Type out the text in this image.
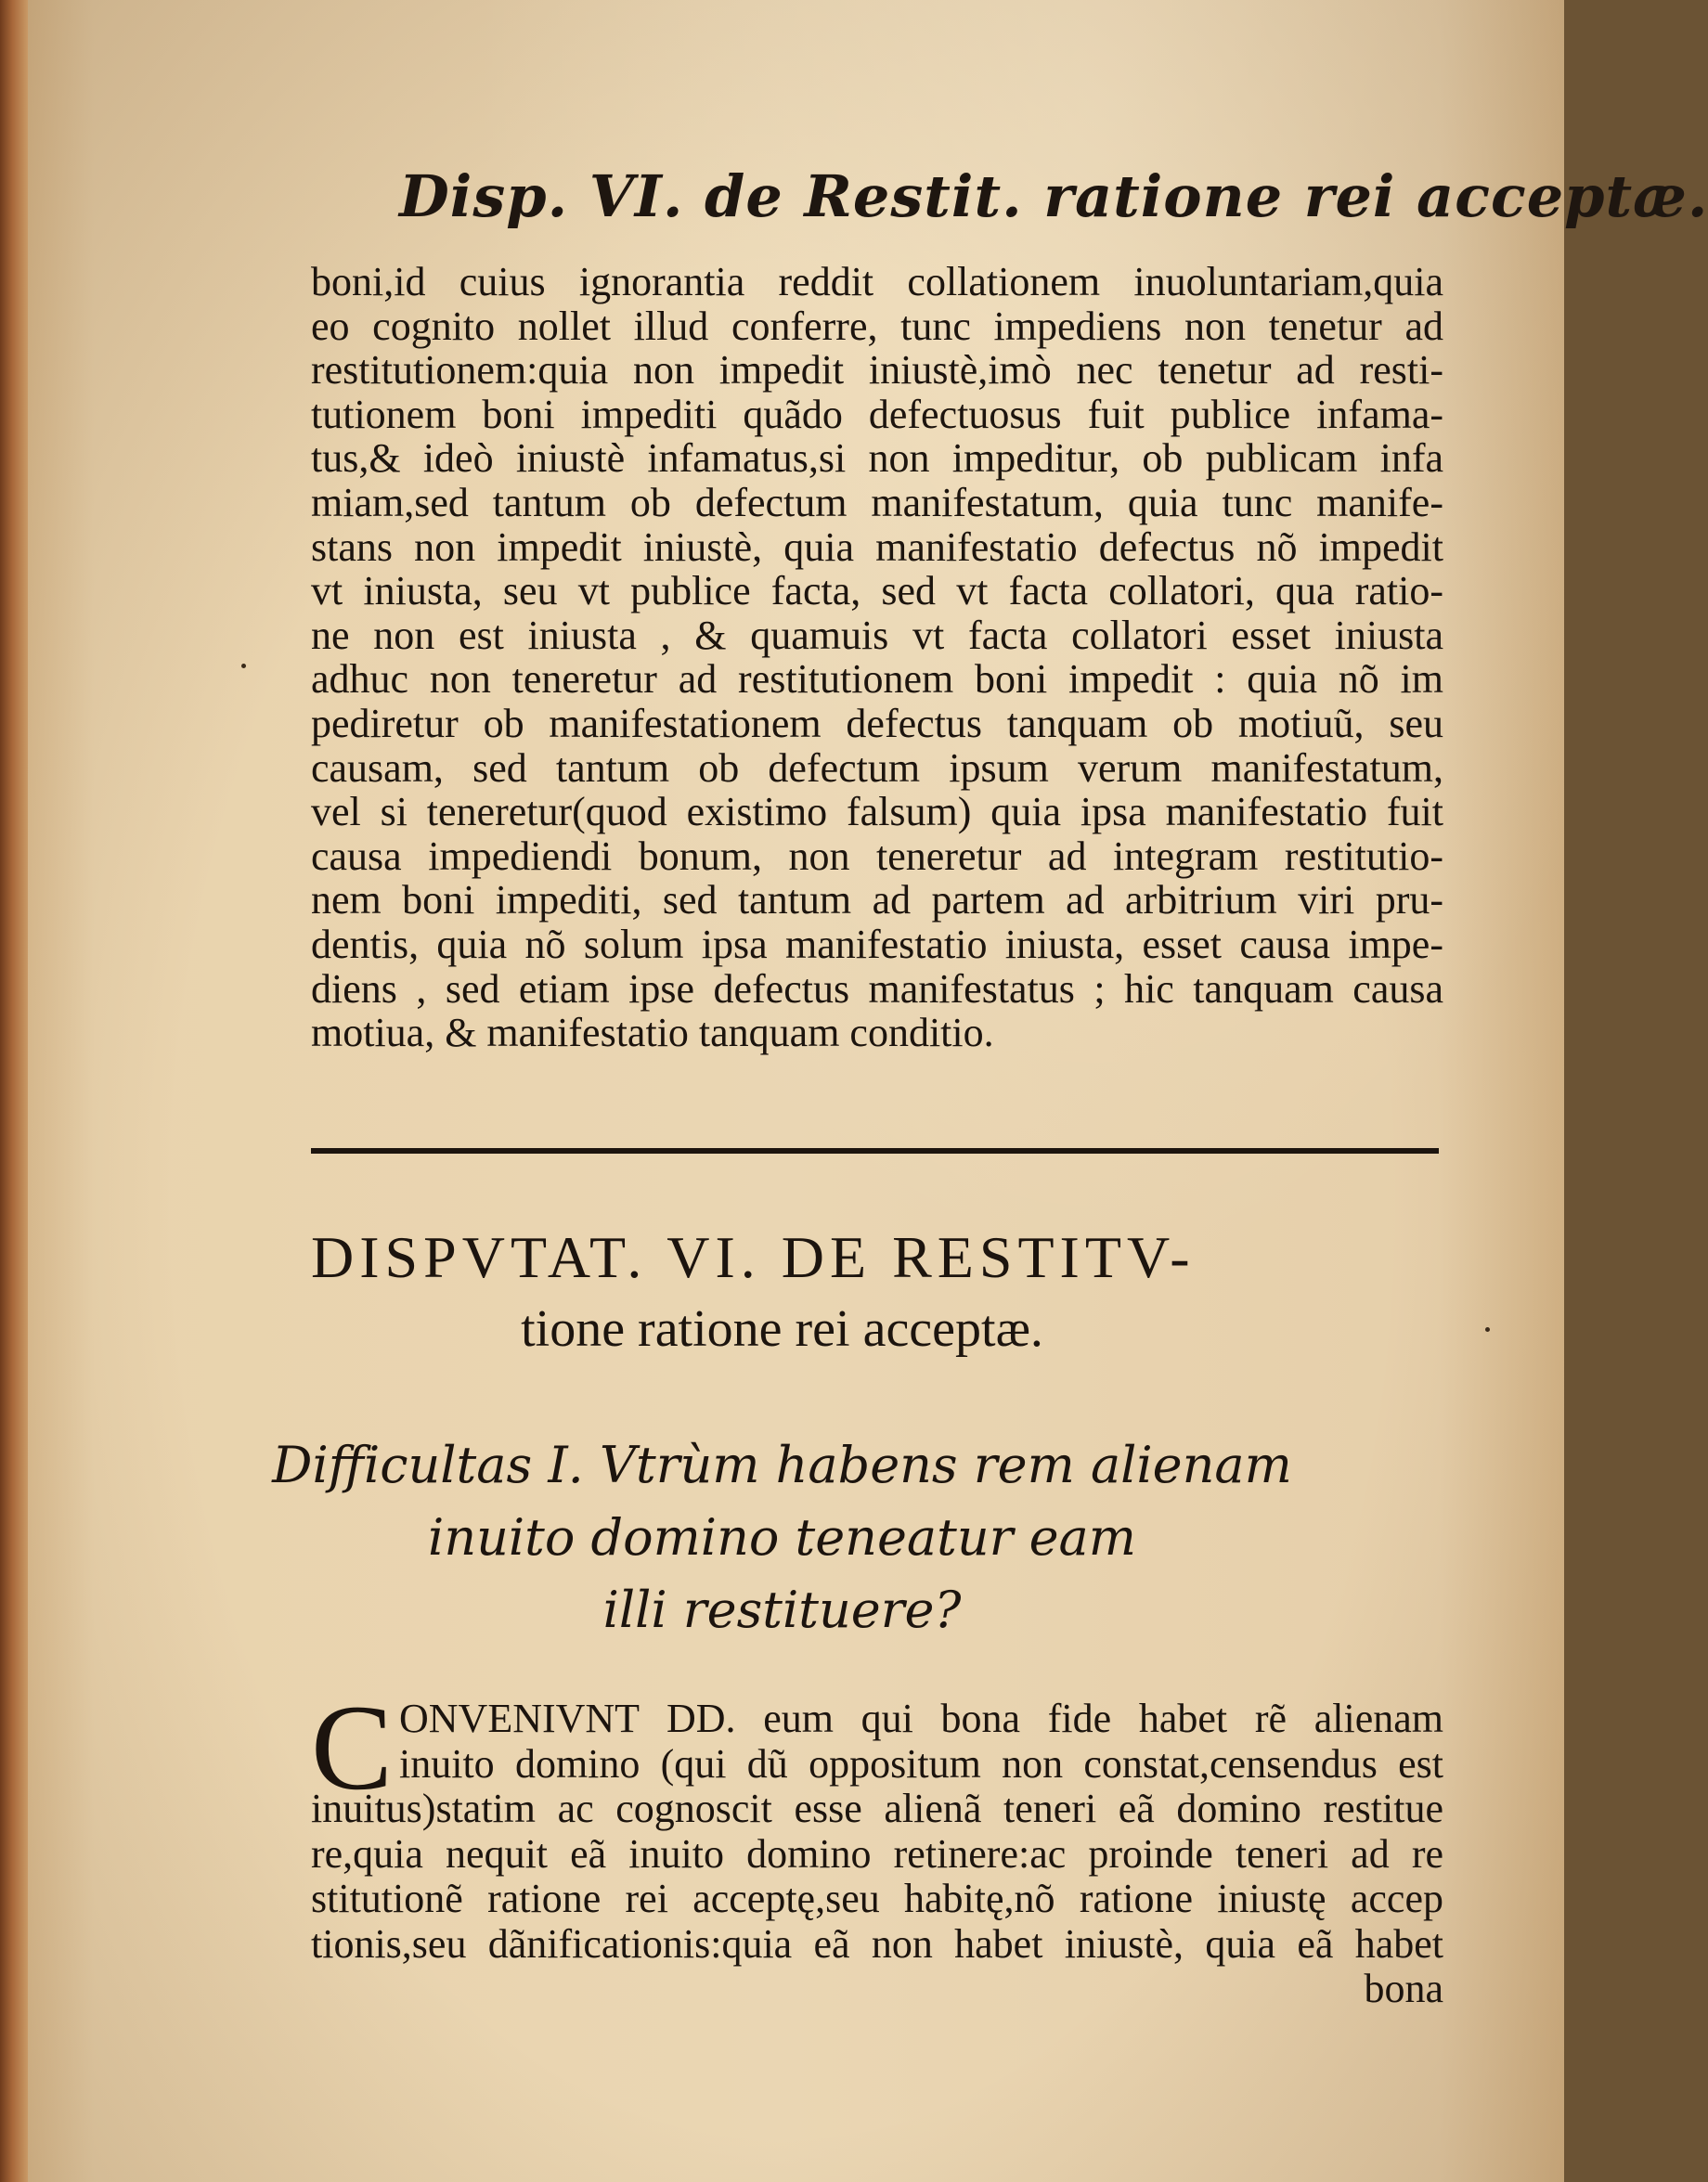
Disp. VI. de Restit. ratione rei acceptæ.
boni,id cuius ignorantia reddit collationem inuoluntariam,quia
eo cognito nollet illud conferre, tunc impediens non tenetur ad
restitutionem:quia non impedit iniustè,imò nec tenetur ad resti-
tutionem boni impediti quãdo defectuosus fuit publice infama-
tus,& ideò iniustè infamatus,si non impeditur, ob publicam infa
miam,sed tantum ob defectum manifestatum, quia tunc manife-
stans non impedit iniustè, quia manifestatio defectus nõ impedit
vt iniusta, seu vt publice facta, sed vt facta collatori, qua ratio-
ne non est iniusta , & quamuis vt facta collatori esset iniusta
adhuc non teneretur ad restitutionem boni impedit : quia nõ im
pediretur ob manifestationem defectus tanquam ob motiuũ, seu
causam, sed tantum ob defectum ipsum verum manifestatum,
vel si teneretur(quod existimo falsum) quia ipsa manifestatio fuit
causa impediendi bonum, non teneretur ad integram restitutio-
nem boni impediti, sed tantum ad partem ad arbitrium viri pru-
dentis, quia nõ solum ipsa manifestatio iniusta, esset causa impe-
diens , sed etiam ipse defectus manifestatus ; hic tanquam causa
motiua, & manifestatio tanquam conditio.
DISPVTAT. VI. DE RESTITV-
tione ratione rei acceptæ.
Difficultas I. Vtrùm habens rem alienam
inuito domino teneatur eam
illi restituere?
C ONVENIVNT DD. eum qui bona fide habet rẽ alienam
inuito domino (qui dũ oppositum non constat,censendus est
inuitus)statim ac cognoscit esse alienã teneri eã domino restitue
re,quia nequit eã inuito domino retinere:ac proinde teneri ad re
stitutionẽ ratione rei acceptę,seu habitę,nõ ratione iniustę accep
tionis,seu dãnificationis:quia eã non habet iniustè, quia eã habet
bona
